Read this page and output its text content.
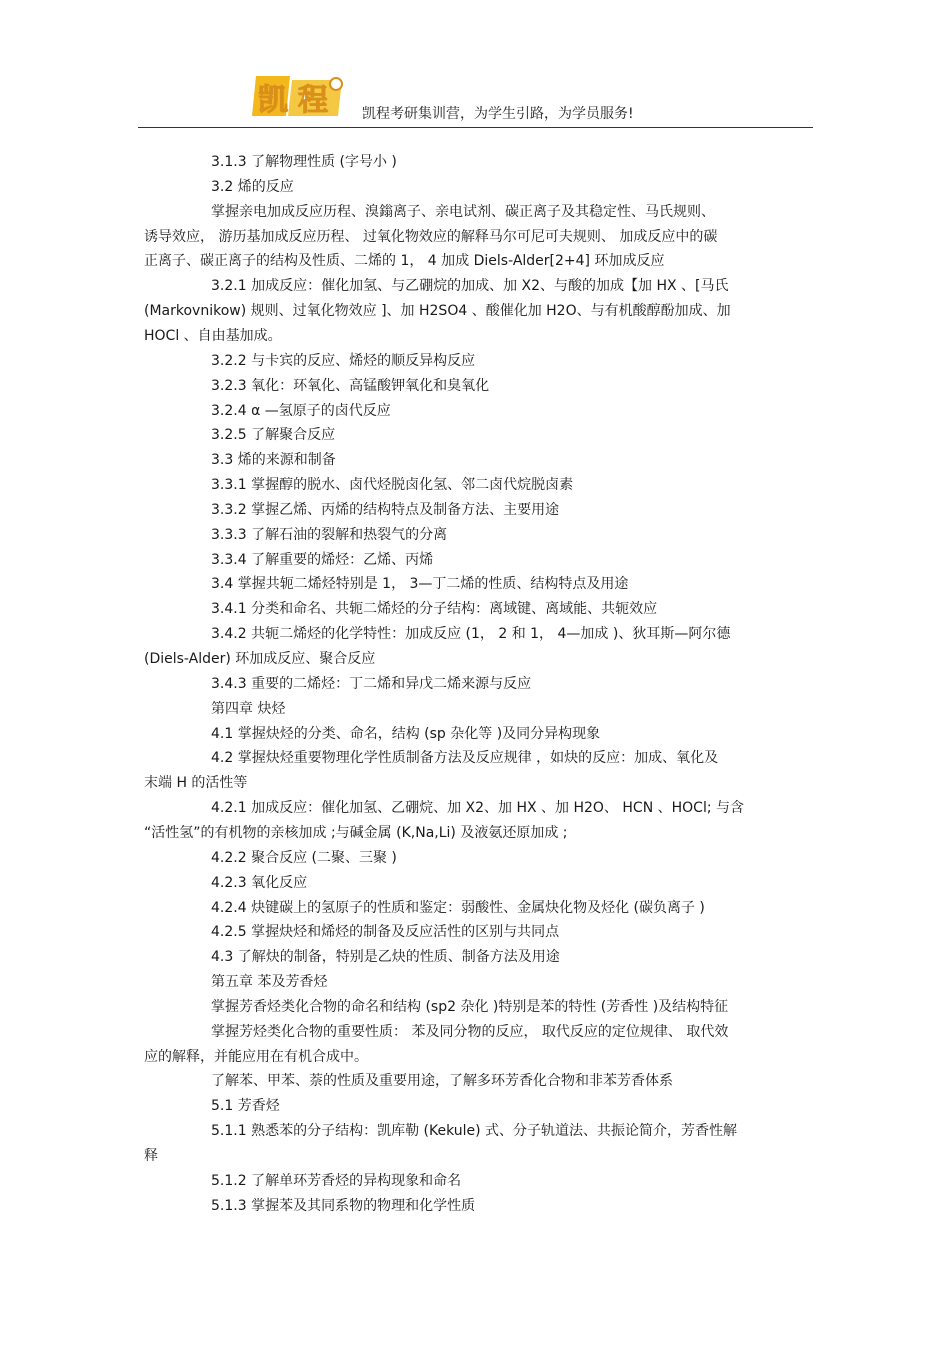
凯 程 凯程考研集训营，为学生引路，为学员服务!
3.1.3 了解物理性质 (字号小 )
3.2 烯的反应
掌握亲电加成反应历程、溴鎓离子、亲电试剂、碳正离子及其稳定性、马氏规则、
诱导效应， 游历基加成反应历程、 过氧化物效应的解释马尔可尼可夫规则、 加成反应中的碳
正离子、碳正离子的结构及性质、二烯的 1， 4 加成 Diels-Alder[2+4] 环加成反应
3.2.1 加成反应：催化加氢、与乙硼烷的加成、加 X2、与酸的加成【加 HX 、[马氏
(Markovnikow) 规则、过氧化物效应 ]、加 H2SO4 、酸催化加 H2O、与有机酸醇酚加成、加
HOCl 、自由基加成。
3.2.2 与卡宾的反应、烯烃的顺反异构反应
3.2.3 氧化：环氧化、高锰酸钾氧化和臭氧化
3.2.4 α —氢原子的卤代反应
3.2.5 了解聚合反应
3.3 烯的来源和制备
3.3.1 掌握醇的脱水、卤代烃脱卤化氢、邻二卤代烷脱卤素
3.3.2 掌握乙烯、丙烯的结构特点及制备方法、主要用途
3.3.3 了解石油的裂解和热裂气的分离
3.3.4 了解重要的烯烃：乙烯、丙烯
3.4 掌握共轭二烯烃特别是 1， 3—丁二烯的性质、结构特点及用途
3.4.1 分类和命名、共轭二烯烃的分子结构：离域键、离域能、共轭效应
3.4.2 共轭二烯烃的化学特性：加成反应 (1， 2 和 1， 4—加成 )、狄耳斯—阿尔德
(Diels-Alder) 环加成反应、聚合反应
3.4.3 重要的二烯烃：丁二烯和异戊二烯来源与反应
第四章 炔烃
4.1 掌握炔烃的分类、命名，结构 (sp 杂化等 )及同分异构现象
4.2 掌握炔烃重要物理化学性质制备方法及反应规律 ，如炔的反应：加成、氧化及
末端 H 的活性等
4.2.1 加成反应：催化加氢、乙硼烷、加 X2、加 HX 、加 H2O、 HCN 、HOCl; 与含
“活性氢”的有机物的亲核加成 ;与碱金属 (K,Na,Li) 及液氨还原加成 ;
4.2.2 聚合反应 (二聚、三聚 )
4.2.3 氧化反应
4.2.4 炔键碳上的氢原子的性质和鉴定：弱酸性、金属炔化物及烃化 (碳负离子 )
4.2.5 掌握炔烃和烯烃的制备及反应活性的区别与共同点
4.3 了解炔的制备，特别是乙炔的性质、制备方法及用途
第五章 苯及芳香烃
掌握芳香烃类化合物的命名和结构 (sp2 杂化 )特别是苯的特性 (芳香性 )及结构特征
掌握芳烃类化合物的重要性质： 苯及同分物的反应， 取代反应的定位规律、 取代效
应的解释，并能应用在有机合成中。
了解苯、甲苯、萘的性质及重要用途，了解多环芳香化合物和非苯芳香体系
5.1 芳香烃
5.1.1 熟悉苯的分子结构：凯库勒 (Kekule) 式、分子轨道法、共振论简介，芳香性解
释
5.1.2 了解单环芳香烃的异构现象和命名
5.1.3 掌握苯及其同系物的物理和化学性质
